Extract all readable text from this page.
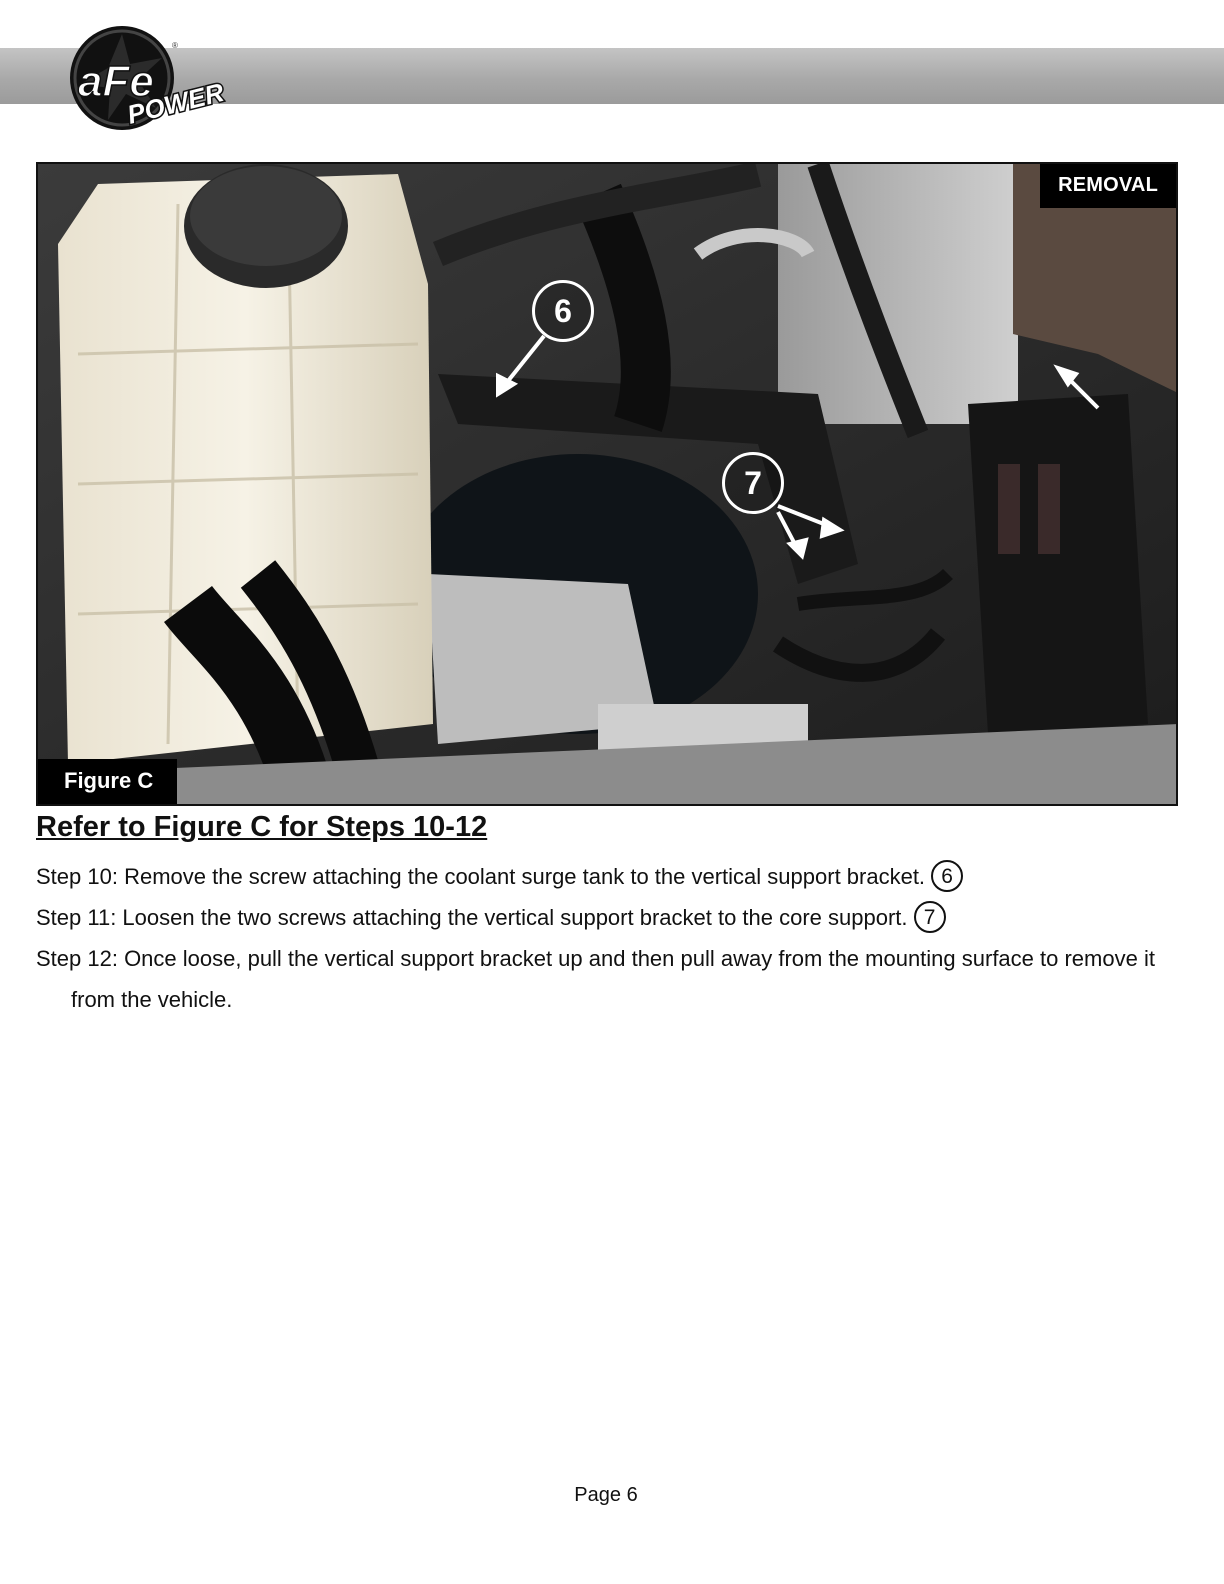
aFe
POWER
®
REMOVAL
6
7
Figure C
Refer to Figure C for Steps 10-12
Step 10: Remove the screw attaching the coolant surge tank to the vertical support bracket. 6
Step 11: Loosen the two screws attaching the vertical support bracket to the core support. 7
Step 12: Once loose, pull the vertical support bracket up and then pull away from the mounting surface to remove it from the vehicle.
Page 6
